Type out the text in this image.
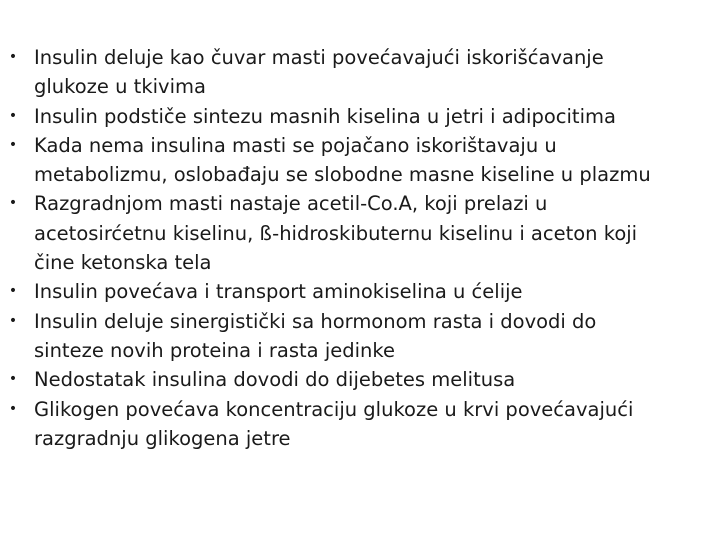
• Insulin deluje kao čuvar masti povećavajući iskorišćavanje
glukoze u tkivima
• Insulin podstiče sintezu masnih kiselina u jetri i adipocitima
• Kada nema insulina masti se pojačano iskorištavaju u
metabolizmu, oslobađaju se slobodne masne kiseline u plazmu
• Razgradnjom masti nastaje acetil-Co.A, koji prelazi u
acetosirćetnu kiselinu, ß-hidroskibuternu kiselinu i aceton koji
čine ketonska tela
• Insulin povećava i transport aminokiselina u ćelije
• Insulin deluje sinergistički sa hormonom rasta i dovodi do
sinteze novih proteina i rasta jedinke
• Nedostatak insulina dovodi do dijebetes melitusa
• Glikogen povećava koncentraciju glukoze u krvi povećavajući
razgradnju glikogena jetre
